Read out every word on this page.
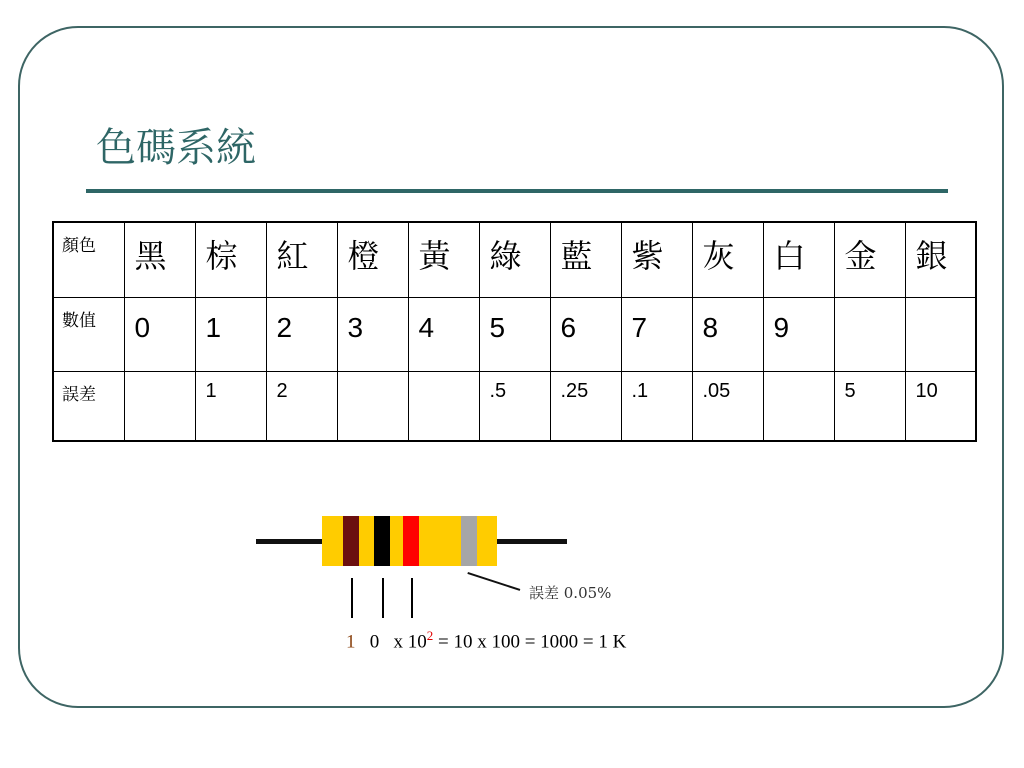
色碼系統
顏色	黑	棕	紅	橙	黃	綠	藍	紫	灰	白	金	銀
數值	0	1	2	3	4	5	6	7	8	9		
誤差		1	2			.5	.25	.1	.05		5	10
誤差 0.05%
1 0 x $10^2 = 10$ x 100 = 1000 = 1 K
